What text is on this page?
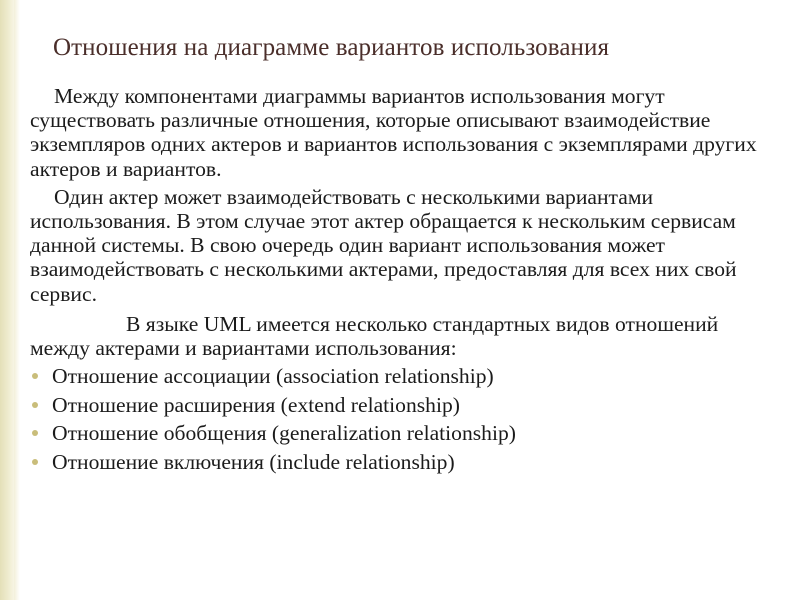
Отношения на диаграмме вариантов использования

Между компонентами диаграммы вариантов использования могут существовать различные отношения, которые описывают взаимодействие экземпляров одних актеров и вариантов использования с экземплярами других актеров и вариантов.

Один актер может взаимодействовать с несколькими вариантами использования. В этом случае этот актер обращается к нескольким сервисам данной системы. В свою очередь один вариант использования может взаимодействовать с несколькими актерами, предоставляя для всех них свой сервис.

В языке UML имеется несколько стандартных видов отношений между актерами и вариантами использования:

Отношение ассоциации (association relationship)
Отношение расширения (extend relationship)
Отношение обобщения (generalization relationship)
Отношение включения (include relationship)
